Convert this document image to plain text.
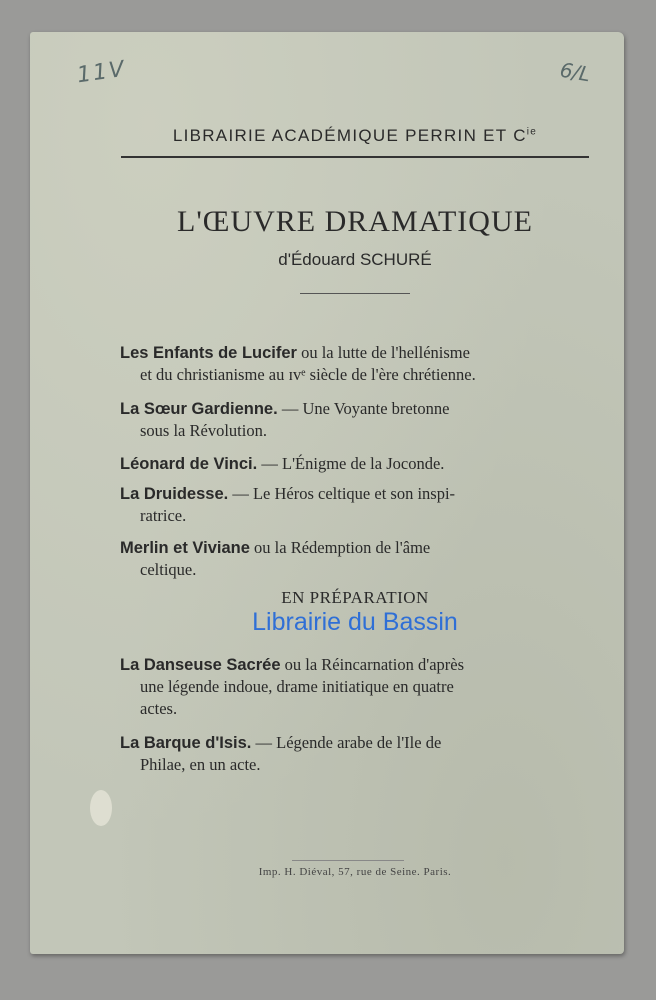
11V	6/L
LIBRAIRIE ACADÉMIQUE PERRIN ET $C^{ie}$
L'ŒUVRE DRAMATIQUE
d'Édouard SCHURÉ
Les Enfants de Lucifer ou la lutte de l'hellénisme
et du christianisme au ɪvᵉ siècle de l'ère chrétienne.
La Sœur Gardienne. — Une Voyante bretonne
sous la Révolution.
Léonard de Vinci. — L'Énigme de la Joconde.
La Druidesse. — Le Héros celtique et son inspi-
ratrice.
Merlin et Viviane ou la Rédemption de l'âme
celtique.
EN PRÉPARATION
Librairie du Bassin
La Danseuse Sacrée ou la Réincarnation d'après
une légende indoue, drame initiatique en quatre
actes.
La Barque d'Isis. — Légende arabe de l'Ile de
Philae, en un acte.
Imp. H. Diéval, 57, rue de Seine. Paris.
